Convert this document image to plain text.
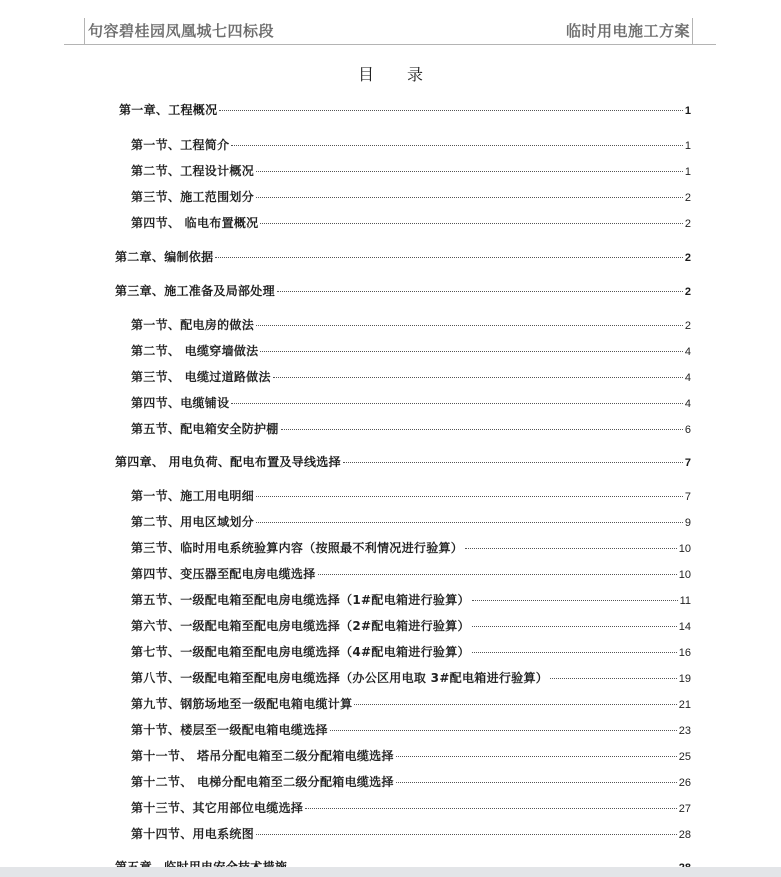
句容碧桂园凤凰城七四标段	临时用电施工方案
目 录
第一章、工程概况	1
第一节、工程简介	1
第二节、工程设计概况	1
第三节、施工范围划分	2
第四节、 临电布置概况	2
第二章、编制依据	2
第三章、施工准备及局部处理	2
第一节、配电房的做法	2
第二节、 电缆穿墙做法	4
第三节、 电缆过道路做法	4
第四节、电缆铺设	4
第五节、配电箱安全防护棚	6
第四章、 用电负荷、配电布置及导线选择	7
第一节、施工用电明细	7
第二节、用电区域划分	9
第三节、临时用电系统验算内容（按照最不利情况进行验算）	10
第四节、变压器至配电房电缆选择	10
第五节、一级配电箱至配电房电缆选择（1#配电箱进行验算）	11
第六节、一级配电箱至配电房电缆选择（2#配电箱进行验算）	14
第七节、一级配电箱至配电房电缆选择（4#配电箱进行验算）	16
第八节、一级配电箱至配电房电缆选择（办公区用电取 3#配电箱进行验算）	19
第九节、钢筋场地至一级配电箱电缆计算	21
第十节、楼层至一级配电箱电缆选择	23
第十一节、 塔吊分配电箱至二级分配箱电缆选择	25
第十二节、 电梯分配电箱至二级分配箱电缆选择	26
第十三节、其它用部位电缆选择	27
第十四节、用电系统图	28
